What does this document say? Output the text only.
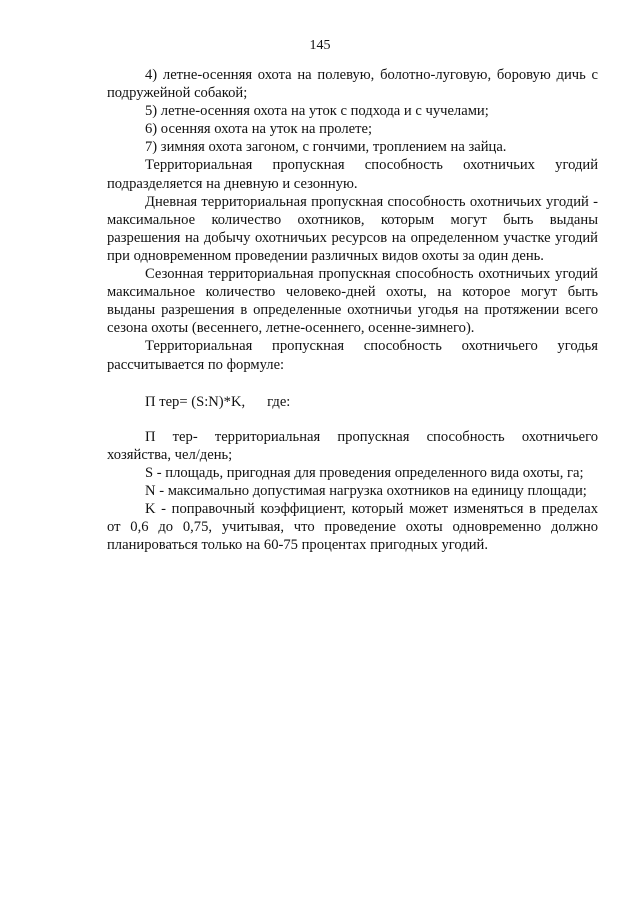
145

4) летне-осенняя охота на полевую, болотно-луговую, боровую дичь с подружейной собакой;

5) летне-осенняя охота на уток с подхода и с чучелами;

6) осенняя охота на уток на пролете;

7) зимняя охота загоном, с гончими, троплением на зайца.

Территориальная пропускная способность охотничьих угодий подразделяется на дневную и сезонную.

Дневная территориальная пропускная способность охотничьих угодий - максимальное количество охотников, которым могут быть выданы разрешения на добычу охотничьих ресурсов на определенном участке угодий при одновременном проведении различных видов охоты за один день.

Сезонная территориальная пропускная способность охотничьих угодий максимальное количество человеко-дней охоты, на которое могут быть выданы разрешения в определенные охотничьи угодья на протяжении всего сезона охоты (весеннего, летне-осеннего, осенне-зимнего).

Территориальная пропускная способность охотничьего угодья рассчитывается по формуле:

П тер= (S:N)*K, где:

П тер- территориальная пропускная способность охотничьего хозяйства, чел/день;

S - площадь, пригодная для проведения определенного вида охоты, га;

N - максимально допустимая нагрузка охотников на единицу площади;

K - поправочный коэффициент, который может изменяться в пределах от 0,6 до 0,75, учитывая, что проведение охоты одновременно должно планироваться только на 60-75 процентах пригодных угодий.
